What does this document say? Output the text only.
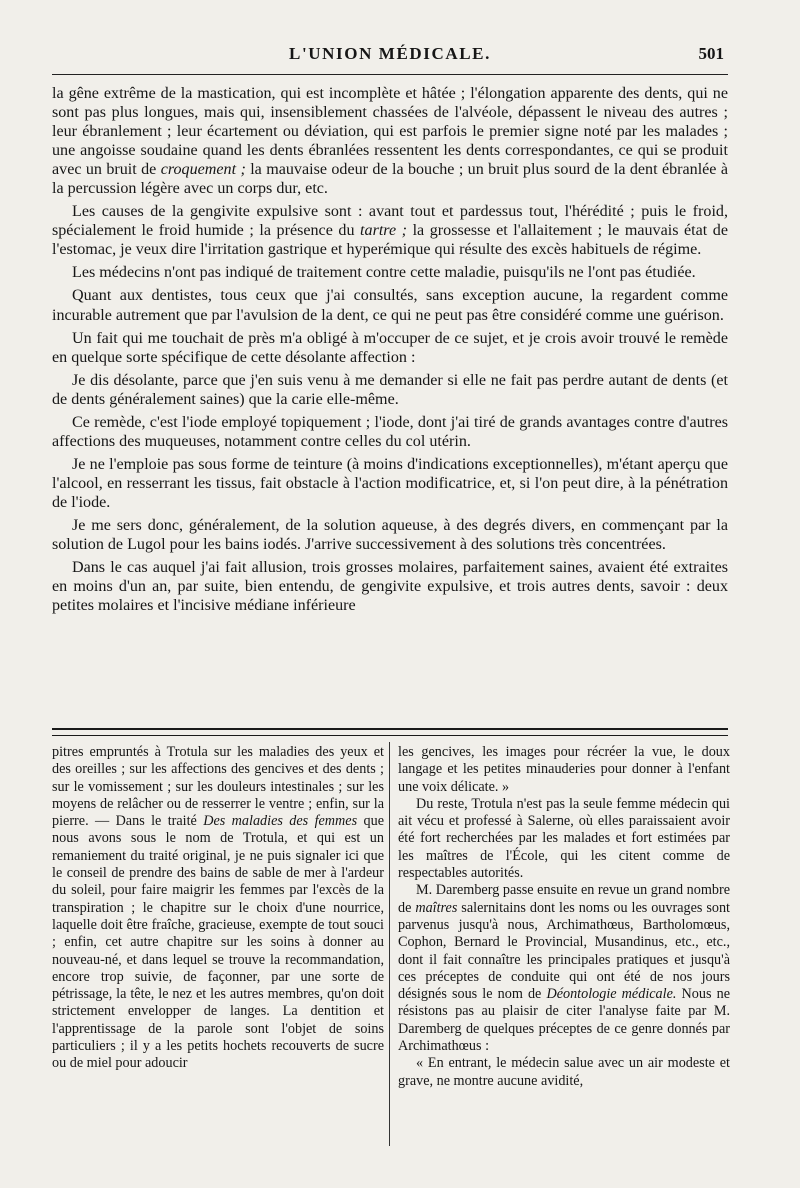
L'UNION MÉDICALE.	501

la gêne extrême de la mastication, qui est incomplète et hâtée ; l'élongation apparente des dents, qui ne sont pas plus longues, mais qui, insensiblement chassées de l'alvéole, dépassent le niveau des autres ; leur ébranlement ; leur écartement ou déviation, qui est parfois le premier signe noté par les malades ; une angoisse soudaine quand les dents ébranlées ressentent les dents correspondantes, ce qui se produit avec un bruit de croquement ; la mauvaise odeur de la bouche ; un bruit plus sourd de la dent ébranlée à la percussion légère avec un corps dur, etc.

Les causes de la gengivite expulsive sont : avant tout et pardessus tout, l'hérédité ; puis le froid, spécialement le froid humide ; la présence du tartre ; la grossesse et l'allaitement ; le mauvais état de l'estomac, je veux dire l'irritation gastrique et hyperémique qui résulte des excès habituels de régime.

Les médecins n'ont pas indiqué de traitement contre cette maladie, puisqu'ils ne l'ont pas étudiée.

Quant aux dentistes, tous ceux que j'ai consultés, sans exception aucune, la regardent comme incurable autrement que par l'avulsion de la dent, ce qui ne peut pas être considéré comme une guérison.

Un fait qui me touchait de près m'a obligé à m'occuper de ce sujet, et je crois avoir trouvé le remède en quelque sorte spécifique de cette désolante affection :

Je dis désolante, parce que j'en suis venu à me demander si elle ne fait pas perdre autant de dents (et de dents généralement saines) que la carie elle-même.

Ce remède, c'est l'iode employé topiquement ; l'iode, dont j'ai tiré de grands avantages contre d'autres affections des muqueuses, notamment contre celles du col utérin.

Je ne l'emploie pas sous forme de teinture (à moins d'indications exceptionnelles), m'étant aperçu que l'alcool, en resserrant les tissus, fait obstacle à l'action modificatrice, et, si l'on peut dire, à la pénétration de l'iode.

Je me sers donc, généralement, de la solution aqueuse, à des degrés divers, en commençant par la solution de Lugol pour les bains iodés. J'arrive successivement à des solutions très concentrées.

Dans le cas auquel j'ai fait allusion, trois grosses molaires, parfaitement saines, avaient été extraites en moins d'un an, par suite, bien entendu, de gengivite expulsive, et trois autres dents, savoir : deux petites molaires et l'incisive médiane inférieure

pitres empruntés à Trotula sur les maladies des yeux et des oreilles ; sur les affections des gencives et des dents ; sur le vomissement ; sur les douleurs intestinales ; sur les moyens de relâcher ou de resserrer le ventre ; enfin, sur la pierre. — Dans le traité Des maladies des femmes que nous avons sous le nom de Trotula, et qui est un remaniement du traité original, je ne puis signaler ici que le conseil de prendre des bains de sable de mer à l'ardeur du soleil, pour faire maigrir les femmes par l'excès de la transpiration ; le chapitre sur le choix d'une nourrice, laquelle doit être fraîche, gracieuse, exempte de tout souci ; enfin, cet autre chapitre sur les soins à donner au nouveau-né, et dans lequel se trouve la recommandation, encore trop suivie, de façonner, par une sorte de pétrissage, la tête, le nez et les autres membres, qu'on doit strictement envelopper de langes. La dentition et l'apprentissage de la parole sont l'objet de soins particuliers ; il y a les petits hochets recouverts de sucre ou de miel pour adoucir

les gencives, les images pour récréer la vue, le doux langage et les petites minauderies pour donner à l'enfant une voix délicate. »

Du reste, Trotula n'est pas la seule femme médecin qui ait vécu et professé à Salerne, où elles paraissaient avoir été fort recherchées par les malades et fort estimées par les maîtres de l'École, qui les citent comme de respectables autorités.

M. Daremberg passe ensuite en revue un grand nombre de maîtres salernitains dont les noms ou les ouvrages sont parvenus jusqu'à nous, Archimathœus, Bartholomœus, Cophon, Bernard le Provincial, Musandinus, etc., etc., dont il fait connaître les principales pratiques et jusqu'à ces préceptes de conduite qui ont été de nos jours désignés sous le nom de Déontologie médicale. Nous ne résistons pas au plaisir de citer l'analyse faite par M. Daremberg de quelques préceptes de ce genre donnés par Archimathœus :

« En entrant, le médecin salue avec un air modeste et grave, ne montre aucune avidité,
